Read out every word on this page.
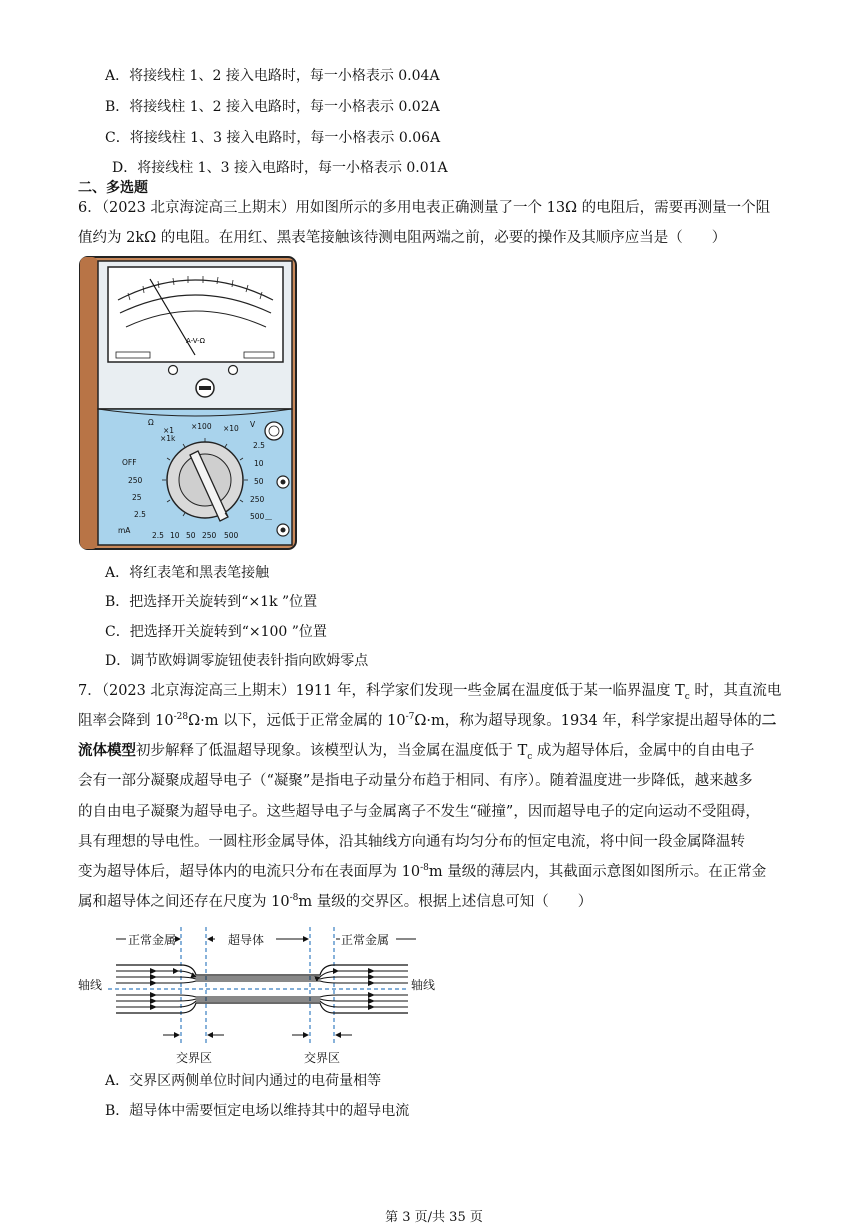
A．将接线柱 1、2 接入电路时，每一小格表示 0.04A
B．将接线柱 1、2 接入电路时，每一小格表示 0.02A
C．将接线柱 1、3 接入电路时，每一小格表示 0.06A
D．将接线柱 1、3 接入电路时，每一小格表示 0.01A
二、多选题
6．（2023 北京海淀高三上期末）用如图所示的多用电表正确测量了一个 13Ω 的电阻后，需要再测量一个阻
值约为 2kΩ 的电阻。在用红、黑表笔接触该待测电阻两端之前，必要的操作及其顺序应当是（　　）
A-V-Ω
－
Ω	V
×1	×10
×100
×1k
OFF
250
25
2.5
mA
2.5
10
50
250
500
2.5 10 50 250 500
A．将红表笔和黑表笔接触
B．把选择开关旋转到“×1k ”位置
C．把选择开关旋转到“×100 ”位置
D．调节欧姆调零旋钮使表针指向欧姆零点
7．（2023 北京海淀高三上期末）1911 年，科学家们发现一些金属在温度低于某一临界温度 $T_c$ 时，其直流电
阻率会降到 $10^{-28}\Omega\cdot m$ 以下，远低于正常金属的 $10^{-7}\Omega\cdot m$，称为超导现象。1934 年，科学家提出超导体的二
流体模型初步解释了低温超导现象。该模型认为，当金属在温度低于 $T_c$ 成为超导体后，金属中的自由电子
会有一部分凝聚成超导电子（“凝聚”是指电子动量分布趋于相同、有序）。随着温度进一步降低，越来越多
的自由电子凝聚为超导电子。这些超导电子与金属离子不发生“碰撞”，因而超导电子的定向运动不受阻碍，
具有理想的导电性。一圆柱形金属导体，沿其轴线方向通有均匀分布的恒定电流，将中间一段金属降温转
变为超导体后，超导体内的电流只分布在表面厚为 $10^{-8}m$ 量级的薄层内，其截面示意图如图所示。在正常金
属和超导体之间还存在尺度为 $10^{-8}m$ 量级的交界区。根据上述信息可知（　　）
正常金属	超导体	正常金属
轴线	轴线
交界区	交界区
A．交界区两侧单位时间内通过的电荷量相等
B．超导体中需要恒定电场以维持其中的超导电流
第 3 页/共 35 页
